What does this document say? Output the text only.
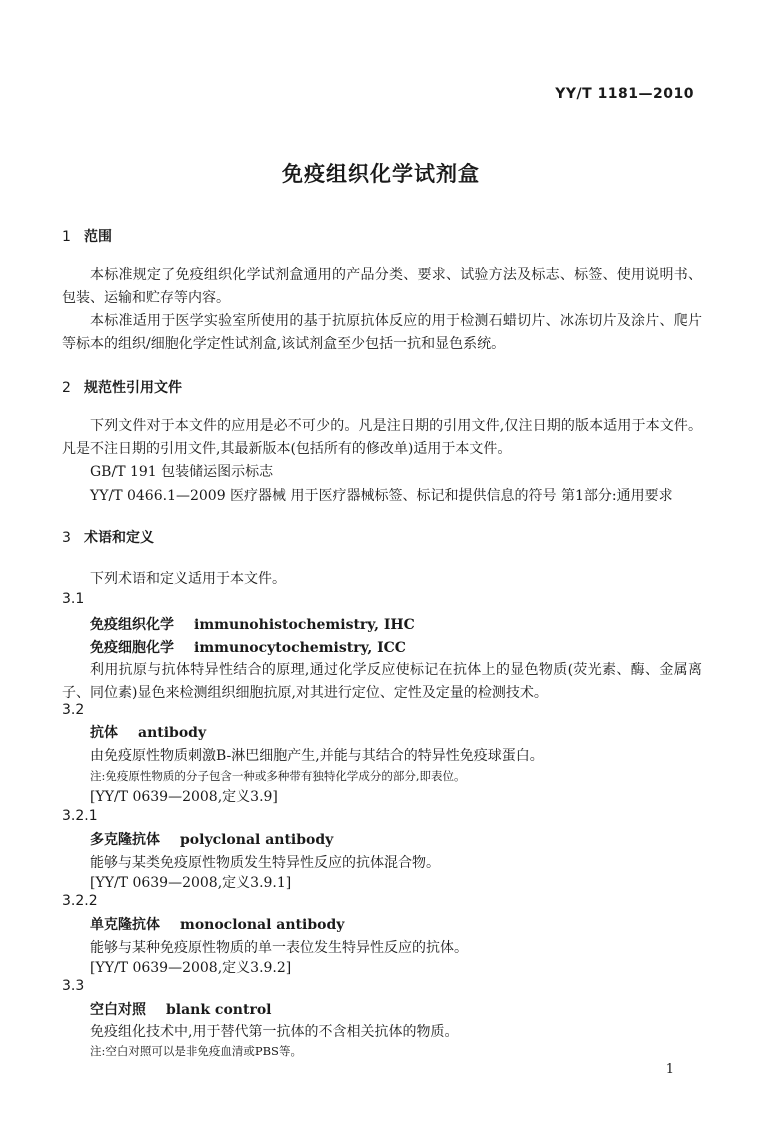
YY/T 1181—2010
免疫组织化学试剂盒
1 范围
本标准规定了免疫组织化学试剂盒通用的产品分类、要求、试验方法及标志、标签、使用说明书、包装、运输和贮存等内容。
本标准适用于医学实验室所使用的基于抗原抗体反应的用于检测石蜡切片、冰冻切片及涂片、爬片等标本的组织/细胞化学定性试剂盒,该试剂盒至少包括一抗和显色系统。
2 规范性引用文件
下列文件对于本文件的应用是必不可少的。凡是注日期的引用文件,仅注日期的版本适用于本文件。凡是不注日期的引用文件,其最新版本(包括所有的修改单)适用于本文件。
GB/T 191 包装储运图示标志
YY/T 0466.1—2009 医疗器械 用于医疗器械标签、标记和提供信息的符号 第1部分:通用要求
3 术语和定义
下列术语和定义适用于本文件。
3.1
免疫组织化学 immunohistochemistry, IHC
免疫细胞化学 immunocytochemistry, ICC
利用抗原与抗体特异性结合的原理,通过化学反应使标记在抗体上的显色物质(荧光素、酶、金属离子、同位素)显色来检测组织细胞抗原,对其进行定位、定性及定量的检测技术。
3.2
抗体 antibody
由免疫原性物质刺激B-淋巴细胞产生,并能与其结合的特异性免疫球蛋白。
注:免疫原性物质的分子包含一种或多种带有独特化学成分的部分,即表位。
[YY/T 0639—2008,定义3.9]
3.2.1
多克隆抗体 polyclonal antibody
能够与某类免疫原性物质发生特异性反应的抗体混合物。
[YY/T 0639—2008,定义3.9.1]
3.2.2
单克隆抗体 monoclonal antibody
能够与某种免疫原性物质的单一表位发生特异性反应的抗体。
[YY/T 0639—2008,定义3.9.2]
3.3
空白对照 blank control
免疫组化技术中,用于替代第一抗体的不含相关抗体的物质。
注:空白对照可以是非免疫血清或PBS等。
1
